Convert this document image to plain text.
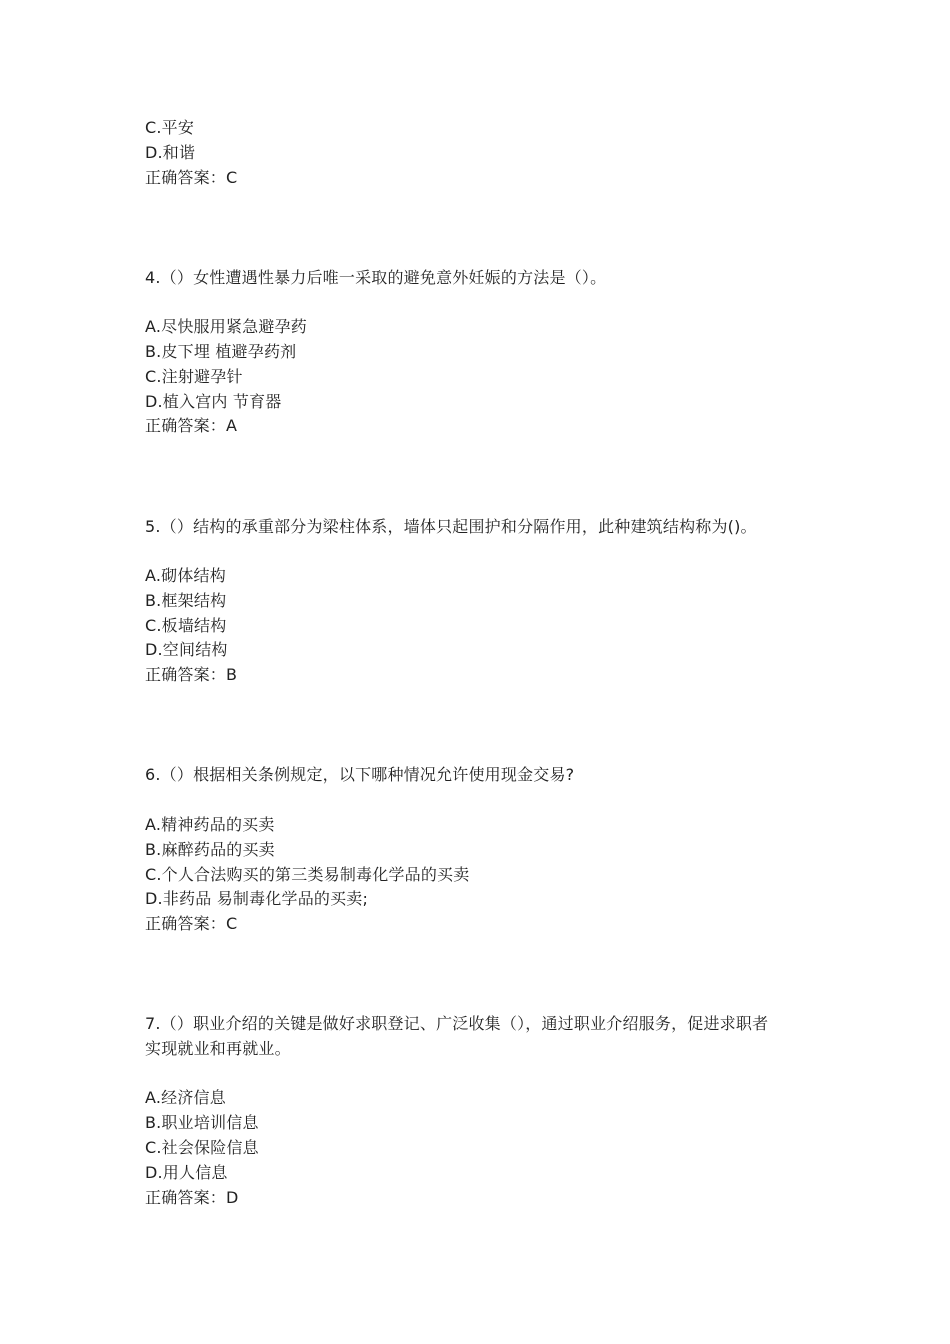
C.平安
D.和谐
正确答案：C
4.（）女性遭遇性暴力后唯一采取的避免意外妊娠的方法是（）。
A.尽快服用紧急避孕药
B.皮下埋 植避孕药剂
C.注射避孕针
D.植入宫内 节育器
正确答案：A
5.（）结构的承重部分为梁柱体系，墙体只起围护和分隔作用，此种建筑结构称为()。
A.砌体结构
B.框架结构
C.板墙结构
D.空间结构
正确答案：B
6.（）根据相关条例规定，以下哪种情况允许使用现金交易?
A.精神药品的买卖
B.麻醉药品的买卖
C.个人合法购买的第三类易制毒化学品的买卖
D.非药品 易制毒化学品的买卖;
正确答案：C
7.（）职业介绍的关键是做好求职登记、广泛收集（），通过职业介绍服务，促进求职者
实现就业和再就业。
A.经济信息
B.职业培训信息
C.社会保险信息
D.用人信息
正确答案：D
